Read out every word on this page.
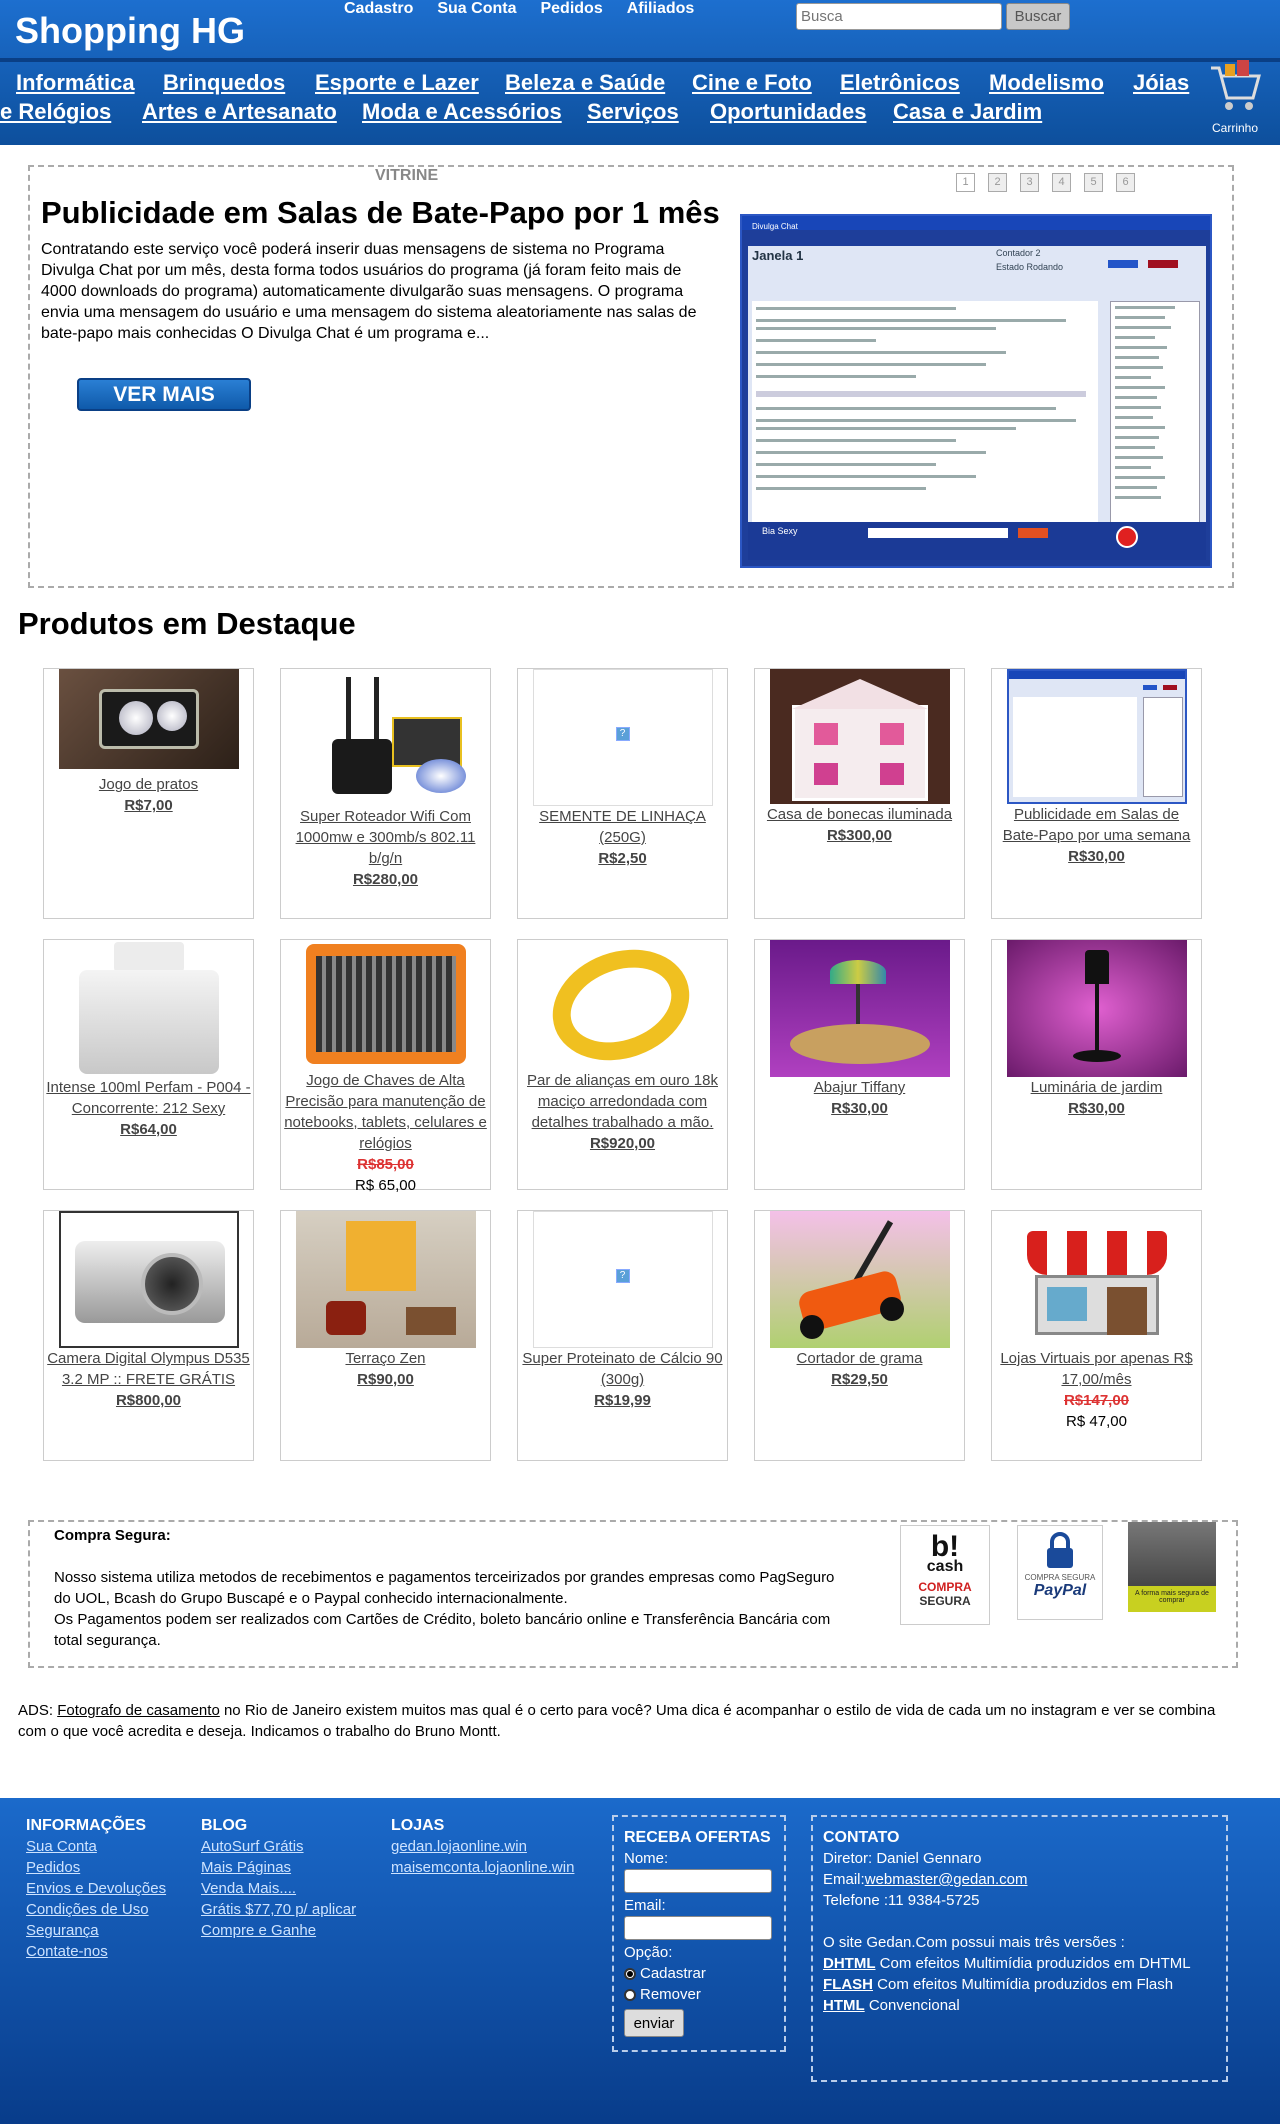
Shopping HG
Cadastro Sua Conta Pedidos Afiliados
Busca	Buscar
Informática Brinquedos Esporte e Lazer Beleza e Saúde Cine e Foto Eletrônicos Modelismo Jóias
e Relógios Artes e Artesanato Moda e Acessórios Serviços Oportunidades Casa e Jardim
Carrinho
VITRINE
Publicidade em Salas de Bate-Papo por 1 mês
Contratando este serviço você poderá inserir duas mensagens de sistema no Programa Divulga Chat por um mês, desta forma todos usuários do programa (já foram feito mais de 4000 downloads do programa) automaticamente divulgarão suas mensagens. O programa envia uma mensagem do usuário e uma mensagem do sistema aleatoriamente nas salas de bate-papo mais conhecidas O Divulga Chat é um programa e...
VER MAIS
1	2	3	4	5	6
Divulga Chat
Janela 1	Contador 2
Estado Rodando
Bia Sexy
Produtos em Destaque
Jogo de pratos
R$7,00
Super Roteador Wifi Com 1000mw e 300mb/s 802.11 b/g/n
R$280,00
?
SEMENTE DE LINHAÇA (250G)
R$2,50
Casa de bonecas iluminada
R$300,00
Publicidade em Salas de Bate-Papo por uma semana
R$30,00
Intense 100ml Perfam - P004 - Concorrente: 212 Sexy
R$64,00
Jogo de Chaves de Alta Precisão para manutenção de notebooks, tablets, celulares e relógios
R$85,00
R$ 65,00
Par de alianças em ouro 18k maciço arredondada com detalhes trabalhado a mão.
R$920,00
Abajur Tiffany
R$30,00
Luminária de jardim
R$30,00
Camera Digital Olympus D535 3.2 MP :: FRETE GRÁTIS
R$800,00
Terraço Zen
R$90,00
?
Super Proteinato de Cálcio 90 (300g)
R$19,99
Cortador de grama
R$29,50
Lojas Virtuais por apenas R$ 17,00/mês
R$147,00
R$ 47,00
Compra Segura:
Nosso sistema utiliza metodos de recebimentos e pagamentos terceirizados por grandes empresas como PagSeguro do UOL, Bcash do Grupo Buscapé e o Paypal conhecido internacionalmente.
Os Pagamentos podem ser realizados com Cartões de Crédito, boleto bancário online e Transferência Bancária com total segurança.
b!
cash
COMPRA
SEGURA
COMPRA SEGURA
PayPal	A forma mais segura de comprar
ADS: Fotografo de casamento no Rio de Janeiro existem muitos mas qual é o certo para você? Uma dica é acompanhar o estilo de vida de cada um no instagram e ver se combina com o que você acredita e deseja. Indicamos o trabalho do Bruno Montt.
INFORMAÇÕES
Sua Conta
Pedidos
Envios e Devoluções
Condições de Uso
Segurança
Contate-nos
BLOG
AutoSurf Grátis
Mais Páginas
Venda Mais....
Grátis $77,70 p/ aplicar
Compre e Ganhe
LOJAS
gedan.lojaonline.win
maisemconta.lojaonline.win
RECEBA OFERTAS
Nome:
Email:
Opção:
Cadastrar
Remover
enviar
CONTATO
Diretor: Daniel Gennaro
Email:webmaster@gedan.com
Telefone :11 9384-5725
O site Gedan.Com possui mais três versões :
DHTML Com efeitos Multimídia produzidos em DHTML
FLASH Com efeitos Multimídia produzidos em Flash
HTML Convencional
